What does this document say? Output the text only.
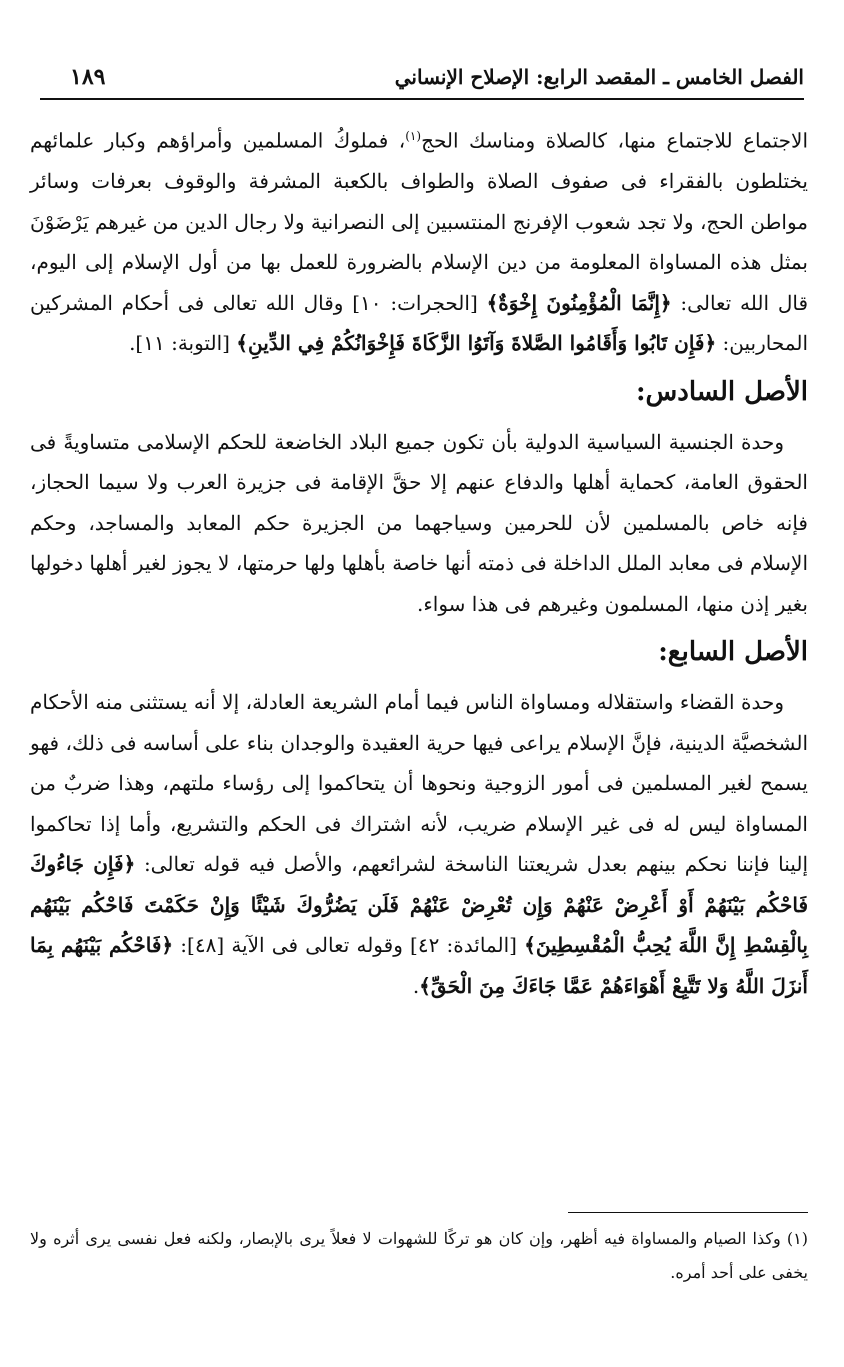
الفصل الخامس ـ المقصد الرابع: الإصلاح الإنساني
١٨٩

الاجتماع للاجتماع منها، كالصلاة ومناسك الحج$^{(١)}$، فملوكُ المسلمين وأمراؤهم وكبار علمائهم يختلطون بالفقراء فى صفوف الصلاة والطواف بالكعبة المشرفة والوقوف بعرفات وسائر مواطن الحج، ولا تجد شعوب الإفرنج المنتسبين إلى النصرانية ولا رجال الدين من غيرهم يَرْضَوْنَ بمثل هذه المساواة المعلومة من دين الإسلام بالضرورة للعمل بها من أول الإسلام إلى اليوم، قال الله تعالى: ﴿إِنَّمَا الْمُؤْمِنُونَ إِخْوَةٌ﴾ [الحجرات: ١٠] وقال الله تعالى فى أحكام المشركين المحاربين: ﴿فَإِن تَابُوا وَأَقَامُوا الصَّلاةَ وَآتَوُا الزَّكَاةَ فَإِخْوَانُكُمْ فِي الدِّينِ﴾ [التوبة: ١١].

الأصل السادس:

وحدة الجنسية السياسية الدولية بأن تكون جميع البلاد الخاضعة للحكم الإسلامى متساويةً فى الحقوق العامة، كحماية أهلها والدفاع عنهم إلا حقَّ الإقامة فى جزيرة العرب ولا سيما الحجاز، فإنه خاص بالمسلمين لأن للحرمين وسياجهما من الجزيرة حكم المعابد والمساجد، وحكم الإسلام فى معابد الملل الداخلة فى ذمته أنها خاصة بأهلها ولها حرمتها، لا يجوز لغير أهلها دخولها بغير إذن منها، المسلمون وغيرهم فى هذا سواء.

الأصل السابع:

وحدة القضاء واستقلاله ومساواة الناس فيما أمام الشريعة العادلة، إلا أنه يستثنى منه الأحكام الشخصيَّة الدينية، فإنَّ الإسلام يراعى فيها حرية العقيدة والوجدان بناء على أساسه فى ذلك، فهو يسمح لغير المسلمين فى أمور الزوجية ونحوها أن يتحاكموا إلى رؤساء ملتهم، وهذا ضربٌ من المساواة ليس له فى غير الإسلام ضريب، لأنه اشتراك فى الحكم والتشريع، وأما إذا تحاكموا إلينا فإننا نحكم بينهم بعدل شريعتنا الناسخة لشرائعهم، والأصل فيه قوله تعالى: ﴿فَإِن جَاءُوكَ فَاحْكُم بَيْنَهُمْ أَوْ أَعْرِضْ عَنْهُمْ وَإِن تُعْرِضْ عَنْهُمْ فَلَن يَضُرُّوكَ شَيْئًا وَإِنْ حَكَمْتَ فَاحْكُم بَيْنَهُم بِالْقِسْطِ إِنَّ اللَّهَ يُحِبُّ الْمُقْسِطِينَ﴾ [المائدة: ٤٢] وقوله تعالى فى الآية [٤٨]: ﴿فَاحْكُم بَيْنَهُم بِمَا أَنزَلَ اللَّهُ وَلا تَتَّبِعْ أَهْوَاءَهُمْ عَمَّا جَاءَكَ مِنَ الْحَقِّ﴾.

(١) وكذا الصيام والمساواة فيه أظهر، وإن كان هو تركًا للشهوات لا فعلاً يرى بالإبصار، ولكنه فعل نفسى يرى أثره ولا يخفى على أحد أمره.
